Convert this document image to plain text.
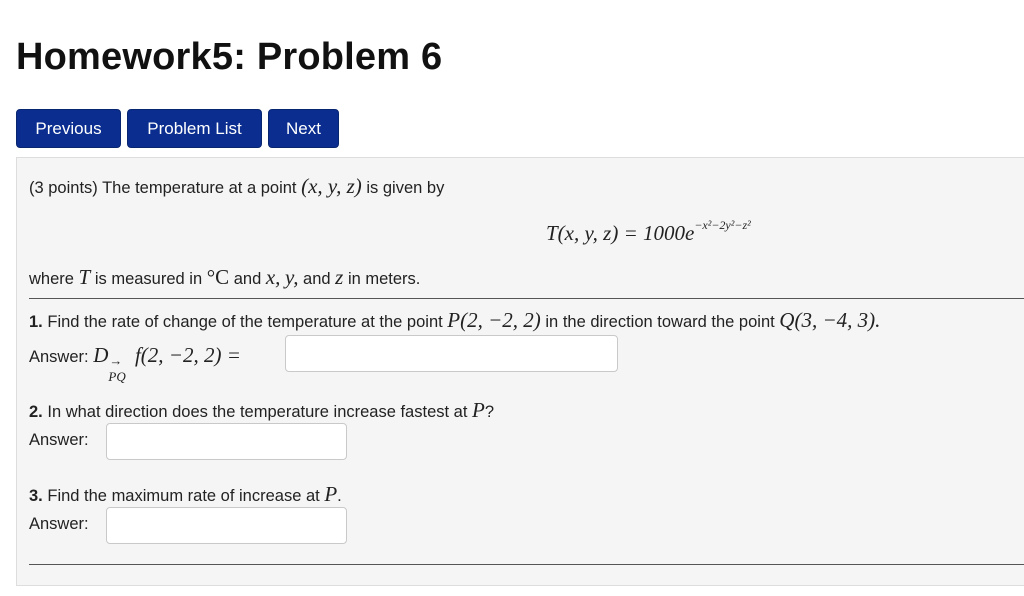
Homework5: Problem 6
Previous	Problem List	Next
(3 points) The temperature at a point (x, y, z) is given by
T(x, y, $z) = 1000e^{-x^2-2y^2-z^2}$
where T is measured in °C and x, y, and z in meters.
1. Find the rate of change of the temperature at the point P(2, −2, 2) in the direction toward the point Q(3, −4, 3).
Answer: D →
PQ
f(2, −2, 2) =
2. In what direction does the temperature increase fastest at P?
Answer:
3. Find the maximum rate of increase at P.
Answer:
